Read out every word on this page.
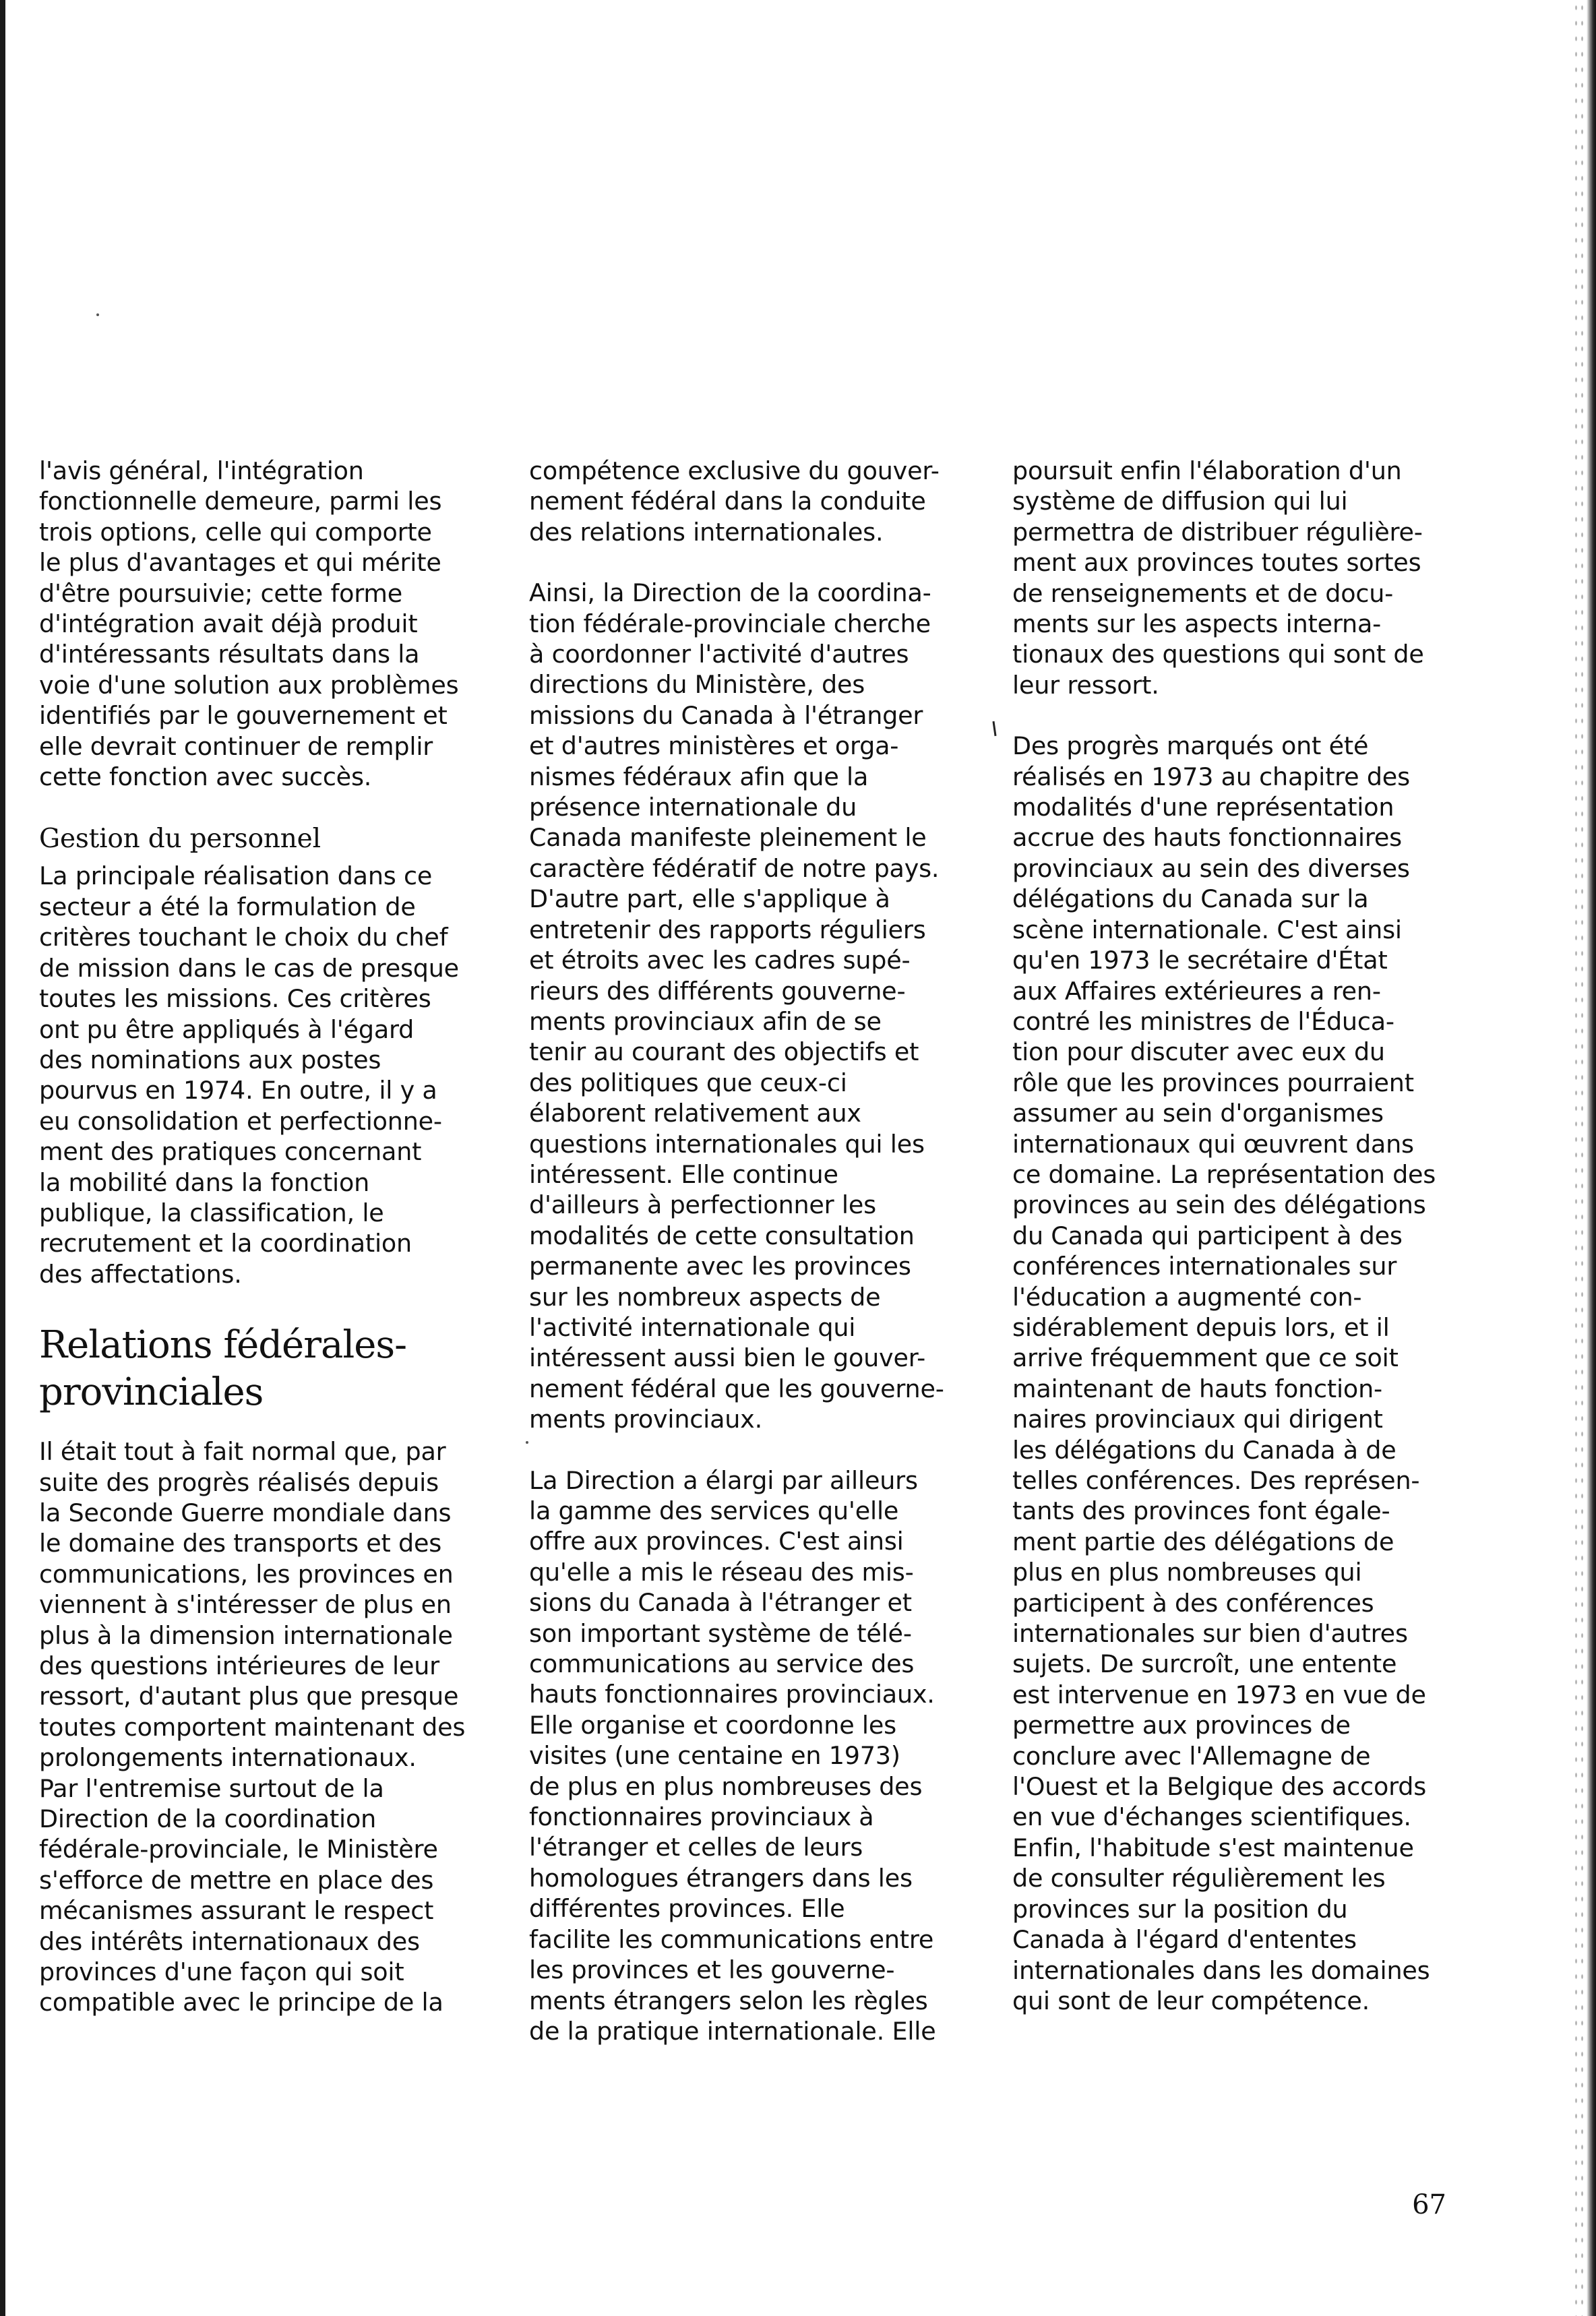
l'avis général, l'intégration
fonctionnelle demeure, parmi les
trois options, celle qui comporte
le plus d'avantages et qui mérite
d'être poursuivie; cette forme
d'intégration avait déjà produit
d'intéressants résultats dans la
voie d'une solution aux problèmes
identifiés par le gouvernement et
elle devrait continuer de remplir
cette fonction avec succès.

Gestion du personnel

La principale réalisation dans ce
secteur a été la formulation de
critères touchant le choix du chef
de mission dans le cas de presque
toutes les missions. Ces critères
ont pu être appliqués à l'égard
des nominations aux postes
pourvus en 1974. En outre, il y a
eu consolidation et perfectionne-
ment des pratiques concernant
la mobilité dans la fonction
publique, la classification, le
recrutement et la coordination
des affectations.

Relations fédérales-
provinciales

Il était tout à fait normal que, par
suite des progrès réalisés depuis
la Seconde Guerre mondiale dans
le domaine des transports et des
communications, les provinces en
viennent à s'intéresser de plus en
plus à la dimension internationale
des questions intérieures de leur
ressort, d'autant plus que presque
toutes comportent maintenant des
prolongements internationaux.
Par l'entremise surtout de la
Direction de la coordination
fédérale-provinciale, le Ministère
s'efforce de mettre en place des
mécanismes assurant le respect
des intérêts internationaux des
provinces d'une façon qui soit
compatible avec le principe de la

compétence exclusive du gouver-
nement fédéral dans la conduite
des relations internationales.

Ainsi, la Direction de la coordina-
tion fédérale-provinciale cherche
à coordonner l'activité d'autres
directions du Ministère, des
missions du Canada à l'étranger
et d'autres ministères et orga-
nismes fédéraux afin que la
présence internationale du
Canada manifeste pleinement le
caractère fédératif de notre pays.
D'autre part, elle s'applique à
entretenir des rapports réguliers
et étroits avec les cadres supé-
rieurs des différents gouverne-
ments provinciaux afin de se
tenir au courant des objectifs et
des politiques que ceux-ci
élaborent relativement aux
questions internationales qui les
intéressent. Elle continue
d'ailleurs à perfectionner les
modalités de cette consultation
permanente avec les provinces
sur les nombreux aspects de
l'activité internationale qui
intéressent aussi bien le gouver-
nement fédéral que les gouverne-
ments provinciaux.

La Direction a élargi par ailleurs
la gamme des services qu'elle
offre aux provinces. C'est ainsi
qu'elle a mis le réseau des mis-
sions du Canada à l'étranger et
son important système de télé-
communications au service des
hauts fonctionnaires provinciaux.
Elle organise et coordonne les
visites (une centaine en 1973)
de plus en plus nombreuses des
fonctionnaires provinciaux à
l'étranger et celles de leurs
homologues étrangers dans les
différentes provinces. Elle
facilite les communications entre
les provinces et les gouverne-
ments étrangers selon les règles
de la pratique internationale. Elle

poursuit enfin l'élaboration d'un
système de diffusion qui lui
permettra de distribuer régulière-
ment aux provinces toutes sortes
de renseignements et de docu-
ments sur les aspects interna-
tionaux des questions qui sont de
leur ressort.

Des progrès marqués ont été
réalisés en 1973 au chapitre des
modalités d'une représentation
accrue des hauts fonctionnaires
provinciaux au sein des diverses
délégations du Canada sur la
scène internationale. C'est ainsi
qu'en 1973 le secrétaire d'État
aux Affaires extérieures a ren-
contré les ministres de l'Éduca-
tion pour discuter avec eux du
rôle que les provinces pourraient
assumer au sein d'organismes
internationaux qui œuvrent dans
ce domaine. La représentation des
provinces au sein des délégations
du Canada qui participent à des
conférences internationales sur
l'éducation a augmenté con-
sidérablement depuis lors, et il
arrive fréquemment que ce soit
maintenant de hauts fonction-
naires provinciaux qui dirigent
les délégations du Canada à de
telles conférences. Des représen-
tants des provinces font égale-
ment partie des délégations de
plus en plus nombreuses qui
participent à des conférences
internationales sur bien d'autres
sujets. De surcroît, une entente
est intervenue en 1973 en vue de
permettre aux provinces de
conclure avec l'Allemagne de
l'Ouest et la Belgique des accords
en vue d'échanges scientifiques.
Enfin, l'habitude s'est maintenue
de consulter régulièrement les
provinces sur la position du
Canada à l'égard d'ententes
internationales dans les domaines
qui sont de leur compétence.

67
